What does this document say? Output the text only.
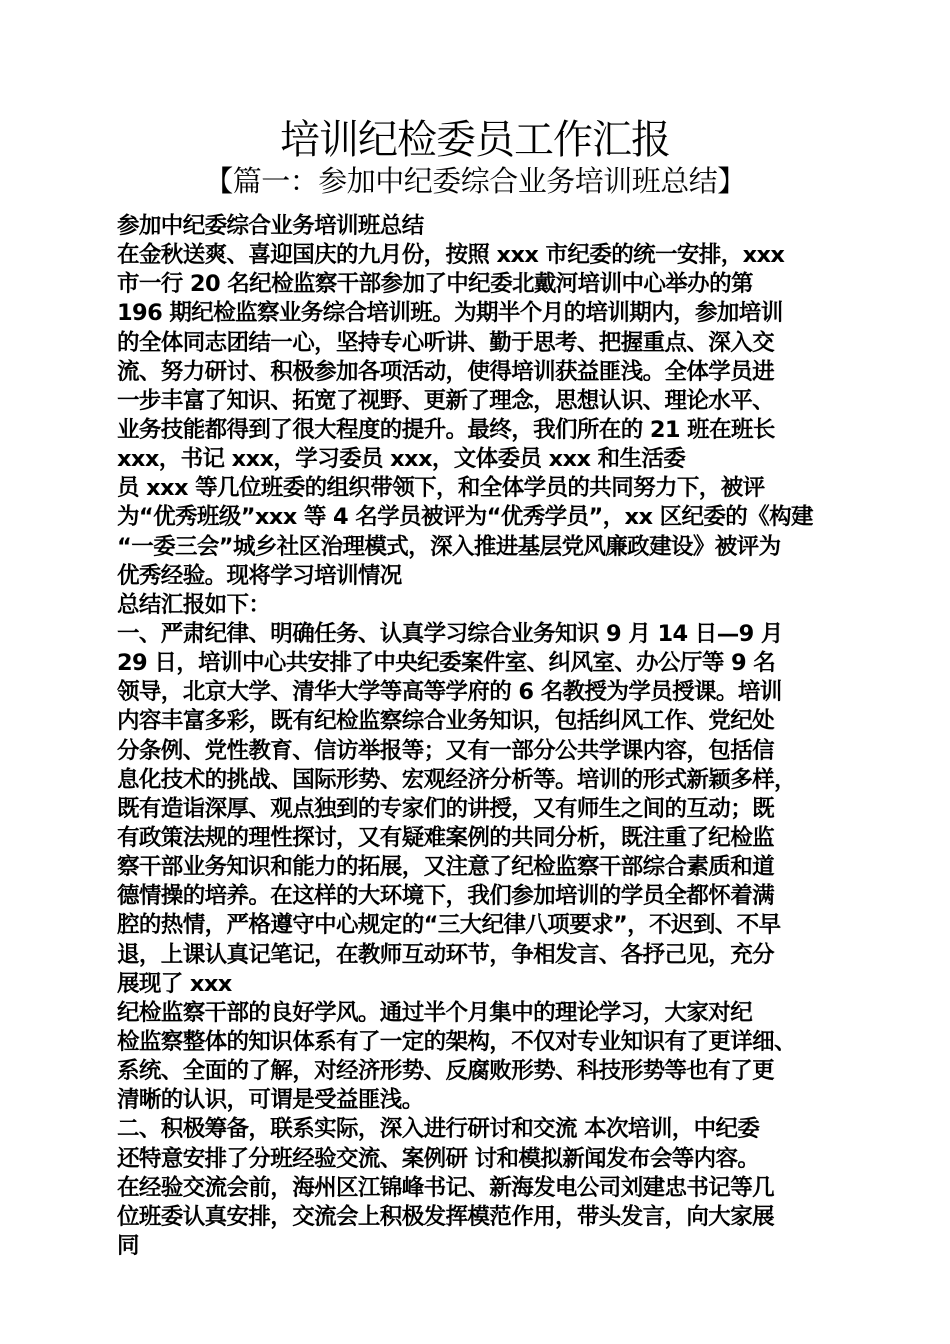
培训纪检委员工作汇报
【篇一：参加中纪委综合业务培训班总结】
参加中纪委综合业务培训班总结
在金秋送爽、喜迎国庆的九月份，按照 xxx 市纪委的统一安排，xxx
市一行 20 名纪检监察干部参加了中纪委北戴河培训中心举办的第
196 期纪检监察业务综合培训班。为期半个月的培训期内，参加培训
的全体同志团结一心，坚持专心听讲、勤于思考、把握重点、深入交
流、努力研讨、积极参加各项活动，使得培训获益匪浅。全体学员进
一步丰富了知识、拓宽了视野、更新了理念，思想认识、理论水平、
业务技能都得到了很大程度的提升。最终，我们所在的 21 班在班长
xxx，书记 xxx，学习委员 xxx，文体委员 xxx 和生活委
员 xxx 等几位班委的组织带领下，和全体学员的共同努力下，被评
为“优秀班级”xxx 等 4 名学员被评为“优秀学员”，xx 区纪委的《构建
“一委三会”城乡社区治理模式，深入推进基层党风廉政建设》被评为
优秀经验。现将学习培训情况
总结汇报如下：
一、严肃纪律、明确任务、认真学习综合业务知识 9 月 14 日—9 月
29 日，培训中心共安排了中央纪委案件室、纠风室、办公厅等 9 名
领导，北京大学、清华大学等高等学府的 6 名教授为学员授课。培训
内容丰富多彩，既有纪检监察综合业务知识，包括纠风工作、党纪处
分条例、党性教育、信访举报等；又有一部分公共学课内容，包括信
息化技术的挑战、国际形势、宏观经济分析等。培训的形式新颖多样，
既有造诣深厚、观点独到的专家们的讲授，又有师生之间的互动；既
有政策法规的理性探讨，又有疑难案例的共同分析，既注重了纪检监
察干部业务知识和能力的拓展，又注意了纪检监察干部综合素质和道
德情操的培养。在这样的大环境下，我们参加培训的学员全都怀着满
腔的热情，严格遵守中心规定的“三大纪律八项要求”，不迟到、不早
退，上课认真记笔记，在教师互动环节，争相发言、各抒己见，充分
展现了 xxx
纪检监察干部的良好学风。通过半个月集中的理论学习，大家对纪
检监察整体的知识体系有了一定的架构，不仅对专业知识有了更详细、
系统、全面的了解，对经济形势、反腐败形势、科技形势等也有了更
清晰的认识，可谓是受益匪浅。
二、积极筹备，联系实际，深入进行研讨和交流 本次培训，中纪委
还特意安排了分班经验交流、案例研 讨和模拟新闻发布会等内容。
在经验交流会前，海州区江锦峰书记、新海发电公司刘建忠书记等几
位班委认真安排，交流会上积极发挥模范作用，带头发言，向大家展
同
